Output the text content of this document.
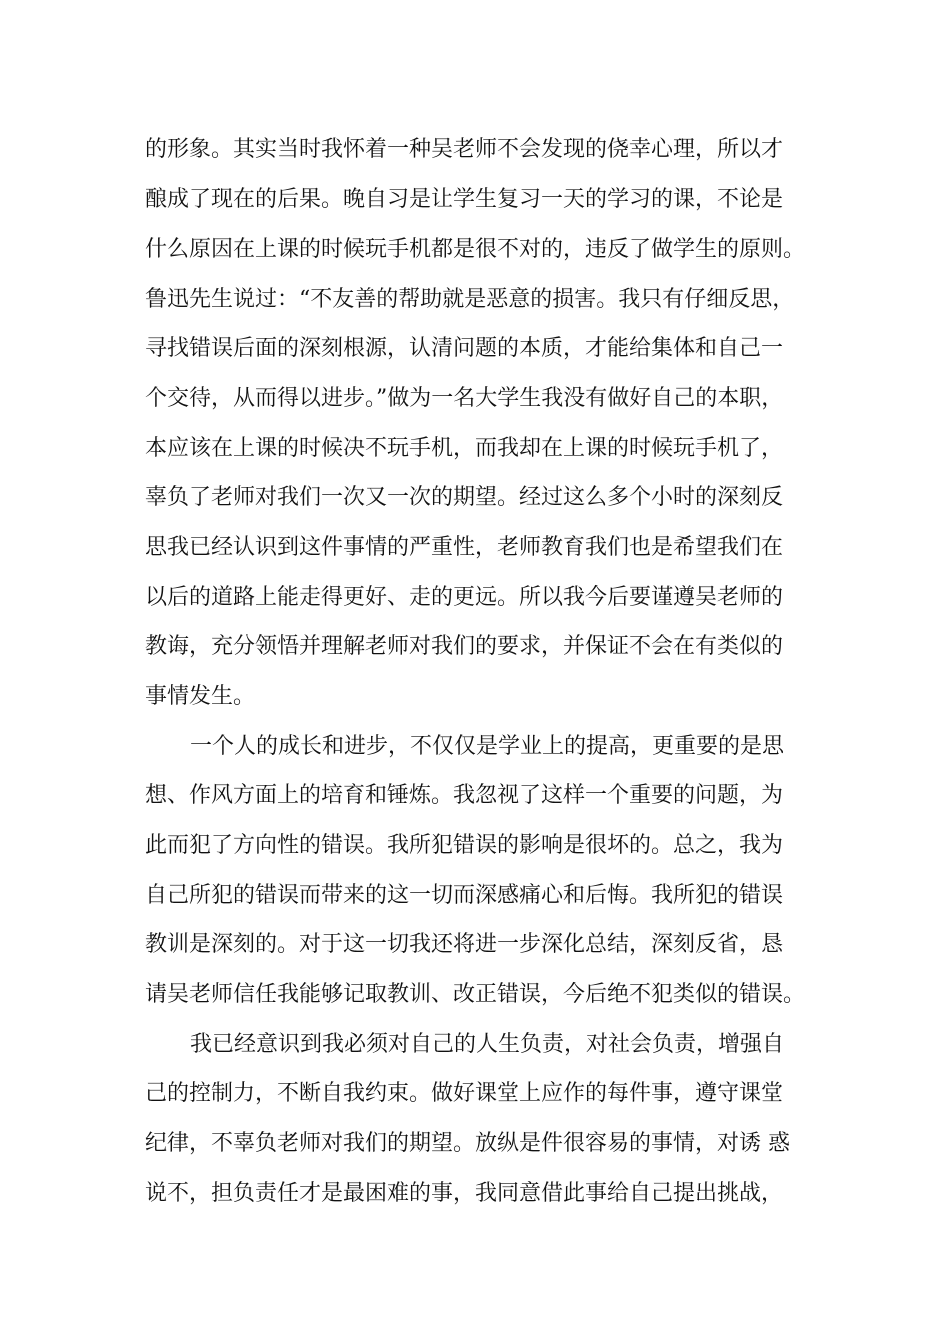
的形象。其实当时我怀着一种吴老师不会发现的侥幸心理，所以才
酿成了现在的后果。晚自习是让学生复习一天的学习的课，不论是
什么原因在上课的时候玩手机都是很不对的，违反了做学生的原则。
鲁迅先生说过：“不友善的帮助就是恶意的损害。我只有仔细反思，
寻找错误后面的深刻根源，认清问题的本质，才能给集体和自己一
个交待，从而得以进步。”做为一名大学生我没有做好自己的本职，
本应该在上课的时候决不玩手机，而我却在上课的时候玩手机了，
辜负了老师对我们一次又一次的期望。经过这么多个小时的深刻反
思我已经认识到这件事情的严重性，老师教育我们也是希望我们在
以后的道路上能走得更好、走的更远。所以我今后要谨遵吴老师的
教诲，充分领悟并理解老师对我们的要求，并保证不会在有类似的
事情发生。
一个人的成长和进步，不仅仅是学业上的提高，更重要的是思
想、作风方面上的培育和锤炼。我忽视了这样一个重要的问题，为
此而犯了方向性的错误。我所犯错误的影响是很坏的。总之，我为
自己所犯的错误而带来的这一切而深感痛心和后悔。我所犯的错误
教训是深刻的。对于这一切我还将进一步深化总结，深刻反省，恳
请吴老师信任我能够记取教训、改正错误，今后绝不犯类似的错误。
我已经意识到我必须对自己的人生负责，对社会负责，增强自
己的控制力，不断自我约束。做好课堂上应作的每件事，遵守课堂
纪律，不辜负老师对我们的期望。放纵是件很容易的事情，对诱 惑
说不，担负责任才是最困难的事，我同意借此事给自己提出挑战，
